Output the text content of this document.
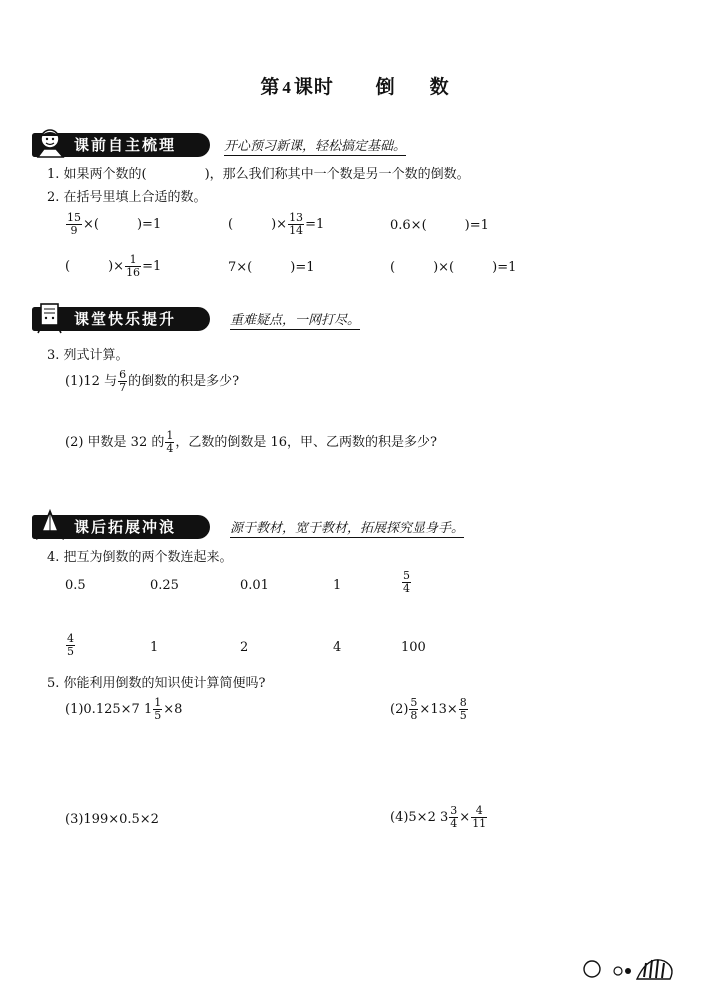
第 4 课时 倒 数
课前自主梳理	开心预习新课，轻松搞定基础。
1. 如果两个数的(	)，那么我们称其中一个数是另一个数的倒数。
2. 在括号里填上合适的数。
$\frac{15}{9}$ ×(	)=1	(	)× $\frac{13}{14} =1$	0.6×(	)=1
(	)× $\frac{1}{16} =1$	7×(	)=1	(	)×(	)=1
课堂快乐提升	重难疑点，一网打尽。
3. 列式计算。
(1)12 与 $\frac{6}{7}$ 的倒数的积是多少?
(2) 甲数是 32 的 $\frac{1}{4}$ ，乙数的倒数是 16，甲、乙两数的积是多少?
课后拓展冲浪	源于教材，宽于教材，拓展探究显身手。
4. 把互为倒数的两个数连起来。
0.5	0.25	0.01	1	$\frac{5}{4}$
$\frac{4}{5}$	1	2	4	100
5. 你能利用倒数的知识使计算简便吗?
(1)0.125×7 $1 \frac{1}{5} \times 8$	$(2) \frac{5}{8} \times 13\times \frac{8}{5}$
(3)199×0.5×2	(4)5×2 $3 \frac{3}{4} \times \frac{4}{11}$
